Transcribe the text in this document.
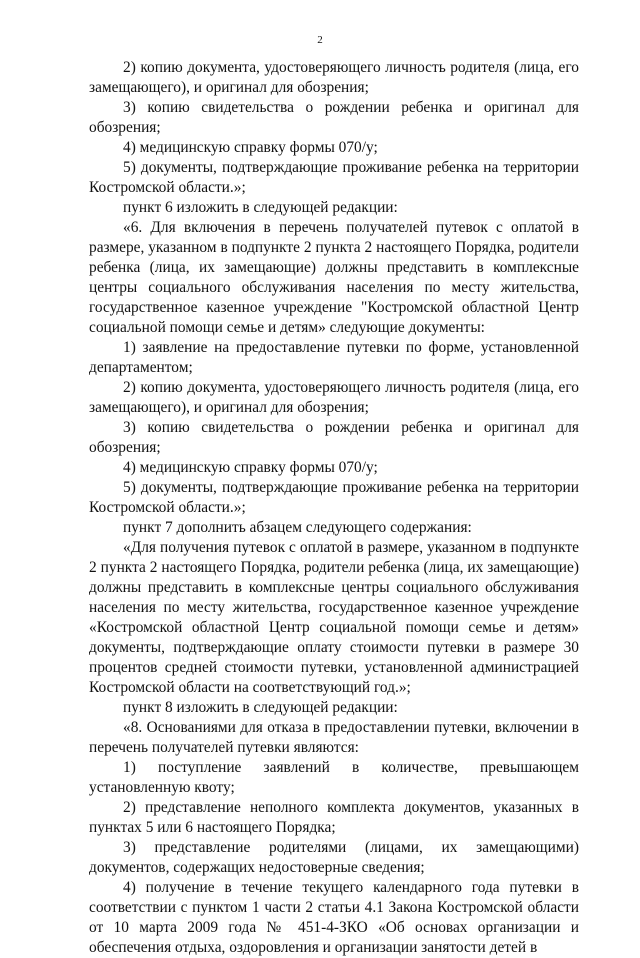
2

2) копию документа, удостоверяющего личность родителя (лица, его замещающего), и оригинал для обозрения;

3) копию свидетельства о рождении ребенка и оригинал для обозрения;

4) медицинскую справку формы 070/у;

5) документы, подтверждающие проживание ребенка на территории Костромской области.»;

пункт 6 изложить в следующей редакции:

«6. Для включения в перечень получателей путевок с оплатой в размере, указанном в подпункте 2 пункта 2 настоящего Порядка, родители ребенка (лица, их замещающие) должны представить в комплексные центры социального обслуживания населения по месту жительства, государственное казенное учреждение "Костромской областной Центр социальной помощи семье и детям» следующие документы:

1) заявление на предоставление путевки по форме, установленной департаментом;

2) копию документа, удостоверяющего личность родителя (лица, его замещающего), и оригинал для обозрения;

3) копию свидетельства о рождении ребенка и оригинал для обозрения;

4) медицинскую справку формы 070/у;

5) документы, подтверждающие проживание ребенка на территории Костромской области.»;

пункт 7 дополнить абзацем следующего содержания:

«Для получения путевок с оплатой в размере, указанном в подпункте 2 пункта 2 настоящего Порядка, родители ребенка (лица, их замещающие) должны представить в комплексные центры социального обслуживания населения по месту жительства, государственное казенное учреждение «Костромской областной Центр социальной помощи семье и детям» документы, подтверждающие оплату стоимости путевки в размере 30 процентов средней стоимости путевки, установленной администрацией Костромской области на соответствующий год.»;

пункт 8 изложить в следующей редакции:

«8. Основаниями для отказа в предоставлении путевки, включении в перечень получателей путевки являются:

1) поступление заявлений в количестве, превышающем установленную квоту;

2) представление неполного комплекта документов, указанных в пунктах 5 или 6 настоящего Порядка;

3) представление родителями (лицами, их замещающими) документов, содержащих недостоверные сведения;

4) получение в течение текущего календарного года путевки в соответствии с пунктом 1 части 2 статьи 4.1 Закона Костромской области от 10 марта 2009 года № 451-4-ЗКО «Об основах организации и обеспечения отдыха, оздоровления и организации занятости детей в
